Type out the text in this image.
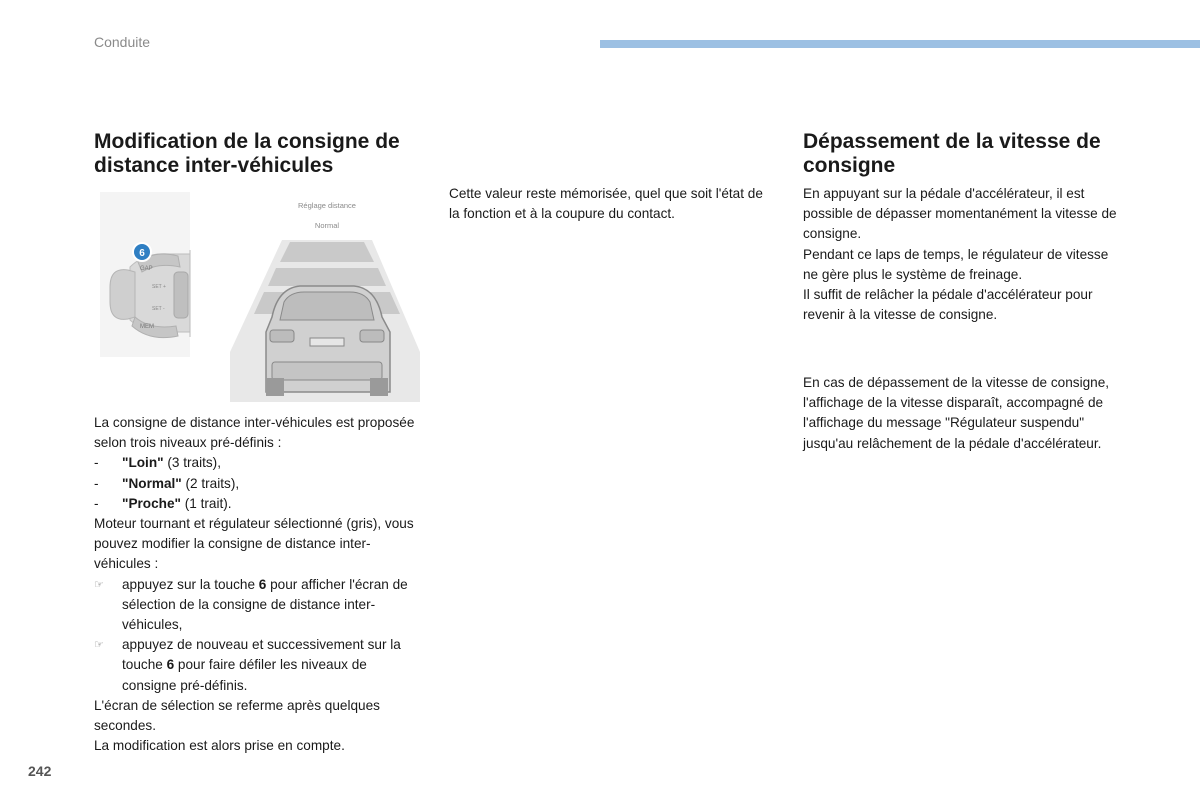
Conduite
Modification de la consigne de distance inter-véhicules
Dépassement de la vitesse de consigne
GAP
SET +
SET -
MEM
6
Réglage distance
Normal

La consigne de distance inter-véhicules est proposée selon trois niveaux pré-définis :

-	"Loin" (3 traits),
-	"Normal" (2 traits),
-	"Proche" (1 trait).

Moteur tournant et régulateur sélectionné (gris), vous pouvez modifier la consigne de distance inter-véhicules :

☞	appuyez sur la touche 6 pour afficher l'écran de sélection de la consigne de distance inter-véhicules,
☞	appuyez de nouveau et successivement sur la touche 6 pour faire défiler les niveaux de consigne pré-définis.

L'écran de sélection se referme après quelques secondes.

La modification est alors prise en compte.

Cette valeur reste mémorisée, quel que soit l'état de la fonction et à la coupure du contact.

En appuyant sur la pédale d'accélérateur, il est possible de dépasser momentanément la vitesse de consigne.

Pendant ce laps de temps, le régulateur de vitesse ne gère plus le système de freinage.

Il suffit de relâcher la pédale d'accélérateur pour revenir à la vitesse de consigne.

En cas de dépassement de la vitesse de consigne, l'affichage de la vitesse disparaît, accompagné de l'affichage du message "Régulateur suspendu" jusqu'au relâchement de la pédale d'accélérateur.

242
